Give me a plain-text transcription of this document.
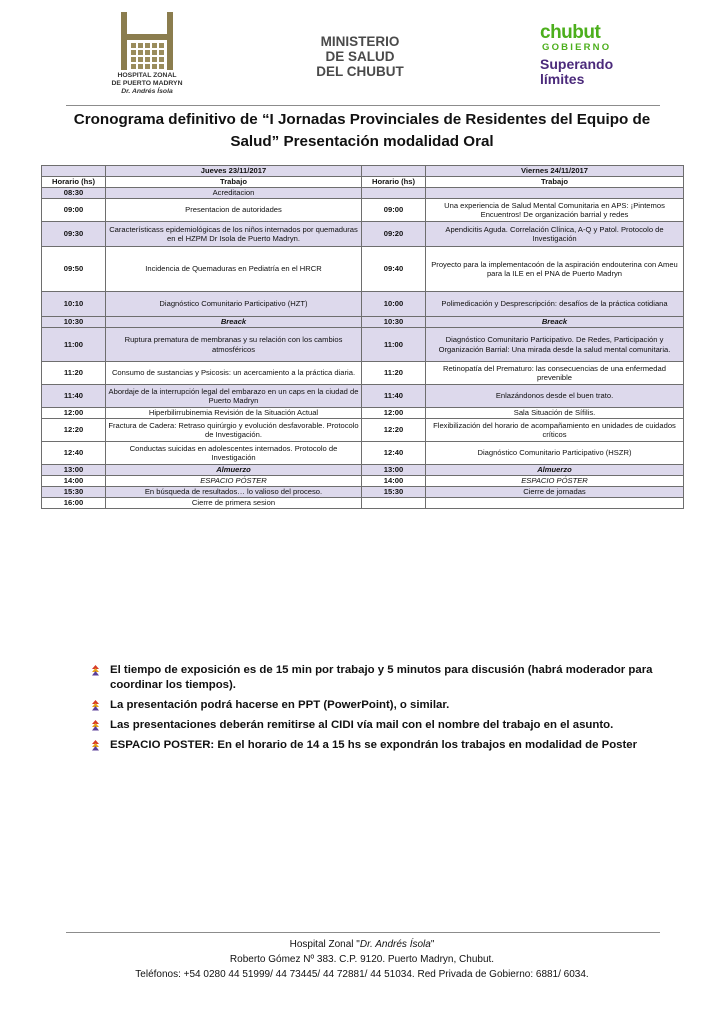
HOSPITAL ZONAL
DE PUERTO MADRYN
Dr. Andrés Ísola
MINISTERIO
DE SALUD
DEL CHUBUT
chubut
GOBIERNO
Superando
límites
Cronograma definitivo de “I Jornadas Provinciales de Residentes del Equipo de
Salud” Presentación modalidad Oral
	Jueves 23/11/2017		Viernes 24/11/2017
Horario (hs)	Trabajo	Horario (hs)	Trabajo
08:30	Acreditacion		
09:00	Presentacion de autoridades	09:00	Una experiencia de Salud Mental Comunitaria en APS: ¡Pintemos Encuentros! De organización barrial y redes
09:30	Característicass epidemiológicas de los niños internados por quemaduras en el HZPM Dr Isola de Puerto Madryn.	09:20	Apendicitis Aguda. Correlación Clínica, A-Q y Patol. Protocolo de Investigación
09:50	Incidencia de Quemaduras en Pediatría en el HRCR	09:40	Proyecto para la implementacoón de la aspiración endouterina con Ameu para la ILE en el PNA de Puerto Madryn
10:10	Diagnóstico Comunitario Participativo (HZT)	10:00	Polimedicación y Desprescripción: desafíos de la práctica cotidiana
10:30	Breack	10:30	Breack
11:00	Ruptura prematura de membranas y su relación con los cambios atmosféricos	11:00	Diagnóstico Comunitario Participativo. De Redes, Participación y Organización Barrial: Una mirada desde la salud mental comunitaria.
11:20	Consumo de sustancias y Psicosis: un acercamiento a la práctica diaria.	11:20	Retinopatía del Prematuro: las consecuencias de una enfermedad prevenible
11:40	Abordaje de la interrupción legal del embarazo en un caps en la ciudad de Puerto Madryn	11:40	Enlazándonos desde el buen trato.
12:00	Hiperbilirrubinemia Revisión de la Situación Actual	12:00	Sala Situación de Sífilis.
12:20	Fractura de Cadera: Retraso quirúrgio y evolución desfavorable. Protocolo de Investigación.	12:20	Flexibilización del horario de acompañamiento en unidades de cuidados críticos
12:40	Conductas suicidas en adolescentes internados. Protocolo de Investigación	12:40	Diagnóstico Comunitario Participativo (HSZR)
13:00	Almuerzo	13:00	Almuerzo
14:00	ESPACIO PÓSTER	14:00	ESPACIO PÓSTER
15:30	En búsqueda de resultados… lo valioso del proceso.	15:30	Cierre de jornadas
16:00	Cierre de primera sesion		
El tiempo de exposición es de 15 min por trabajo y 5 minutos para discusión (habrá moderador para coordinar los tiempos).
La presentación podrá hacerse en PPT (PowerPoint), o similar.
Las presentaciones deberán remitirse al CIDI vía mail con el nombre del trabajo en el asunto.
ESPACIO POSTER: En el horario de 14 a 15 hs se expondrán los trabajos en modalidad de Poster
Hospital Zonal "Dr. Andrés Ísola"
Roberto Gómez Nº 383. C.P. 9120. Puerto Madryn, Chubut.
Teléfonos: +54 0280 44 51999/ 44 73445/ 44 72881/ 44 51034. Red Privada de Gobierno: 6881/ 6034.
